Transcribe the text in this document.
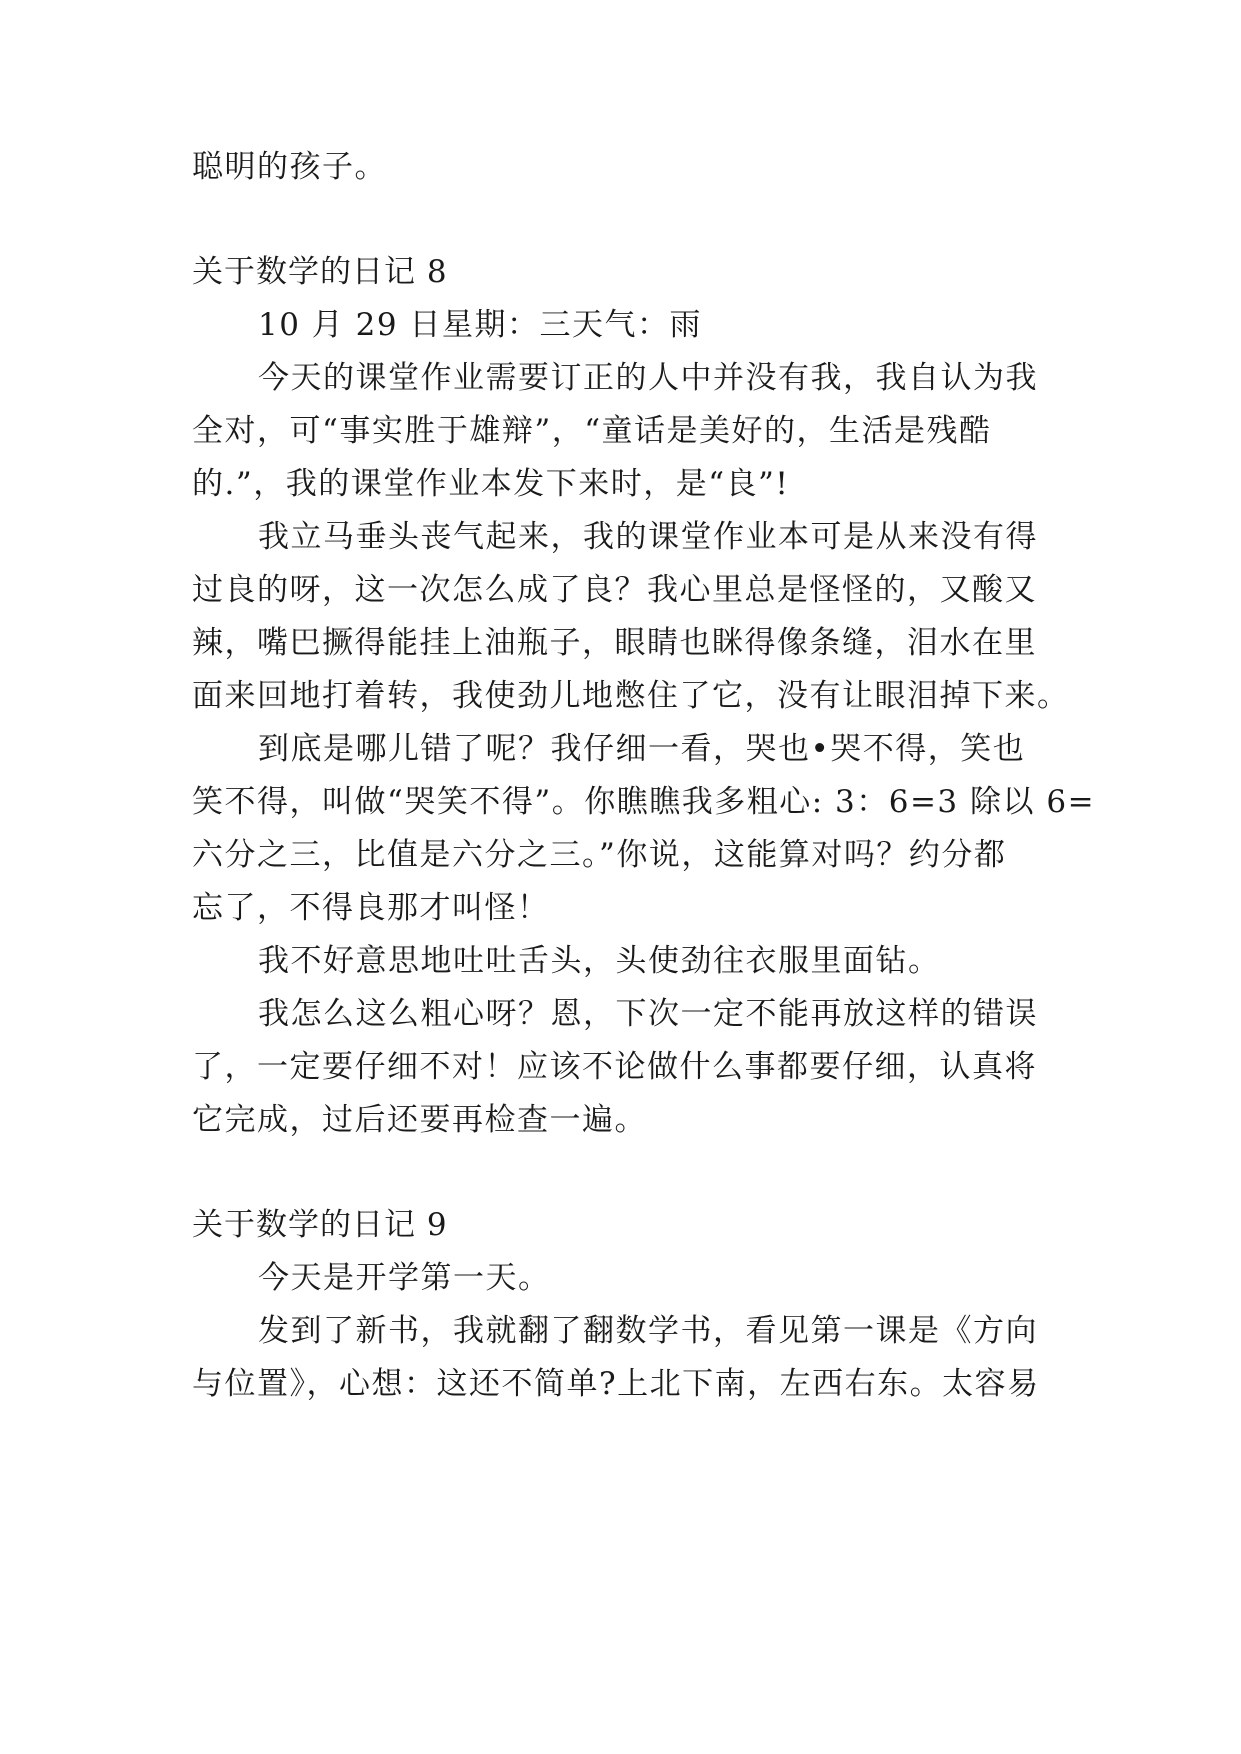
聪明的孩子。
关于数学的日记 8
10 月 29 日星期：三天气：雨
今天的课堂作业需要订正的人中并没有我，我自认为我
全对，可“事实胜于雄辩”，“童话是美好的，生活是残酷
的.”，我的课堂作业本发下来时，是“良”!
我立马垂头丧气起来，我的课堂作业本可是从来没有得
过良的呀，这一次怎么成了良？我心里总是怪怪的，又酸又
辣，嘴巴撅得能挂上油瓶子，眼睛也眯得像条缝，泪水在里
面来回地打着转，我使劲儿地憋住了它，没有让眼泪掉下来。
到底是哪儿错了呢？我仔细一看，哭也•哭不得，笑也
笑不得，叫做“哭笑不得”。你瞧瞧我多粗心: 3：6=3 除以 6=
六分之三，比值是六分之三。”你说，这能算对吗？约分都
忘了，不得良那才叫怪！
我不好意思地吐吐舌头，头使劲往衣服里面钻。
我怎么这么粗心呀？恩，下次一定不能再放这样的错误
了，一定要仔细不对！应该不论做什么事都要仔细，认真将
它完成，过后还要再检查一遍。
关于数学的日记 9
今天是开学第一天。
发到了新书，我就翻了翻数学书，看见第一课是《方向
与位置》，心想：这还不简单?上北下南，左西右东。太容易
